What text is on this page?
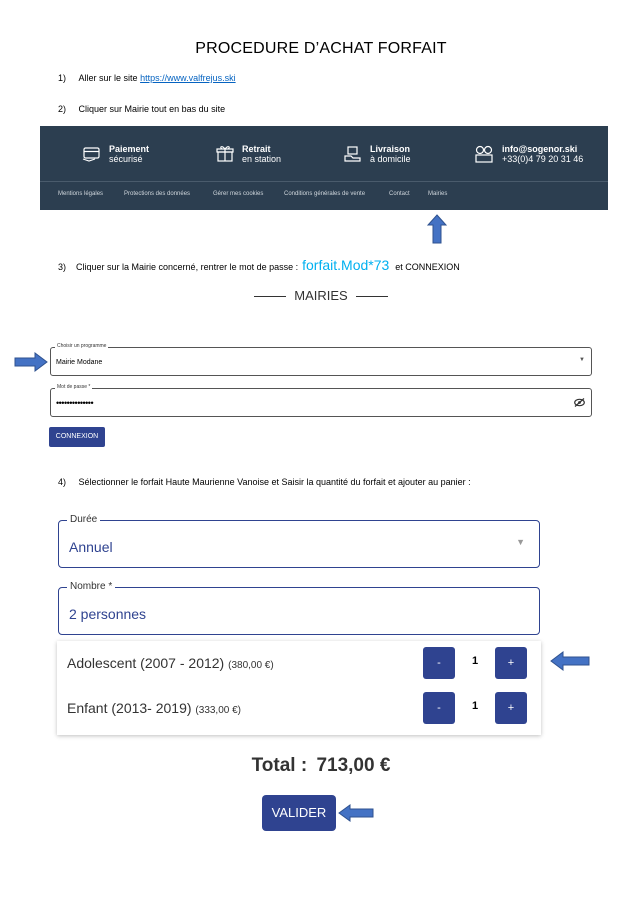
PROCEDURE D’ACHAT FORFAIT
1) Aller sur le site https://www.valfrejus.ski
2) Cliquer sur Mairie tout en bas du site
Paiement
sécurisé
Retrait
en station
Livraison
à domicile
info@sogenor.ski
+33(0)4 79 20 31 46
Mentions légales	Protections des données	Gérer mes cookies	Conditions générales de vente	Contact	Mairies
3) Cliquer sur la Mairie concerné, rentrer le mot de passe : forfait.Mod*73 et CONNEXION
MAIRIES
Choisir un programme
Mairie Modane	▼
Mot de passe *
••••••••••••••
CONNEXION
4) Sélectionner le forfait Haute Maurienne Vanoise et Saisir la quantité du forfait et ajouter au panier :
Durée
Annuel	▼
Nombre *
2 personnes
Adolescent (2007 - 2012) (380,00 €)	-	1	+
Enfant (2013- 2019) (333,00 €)	-	1	+
Total : 713,00 €
VALIDER
